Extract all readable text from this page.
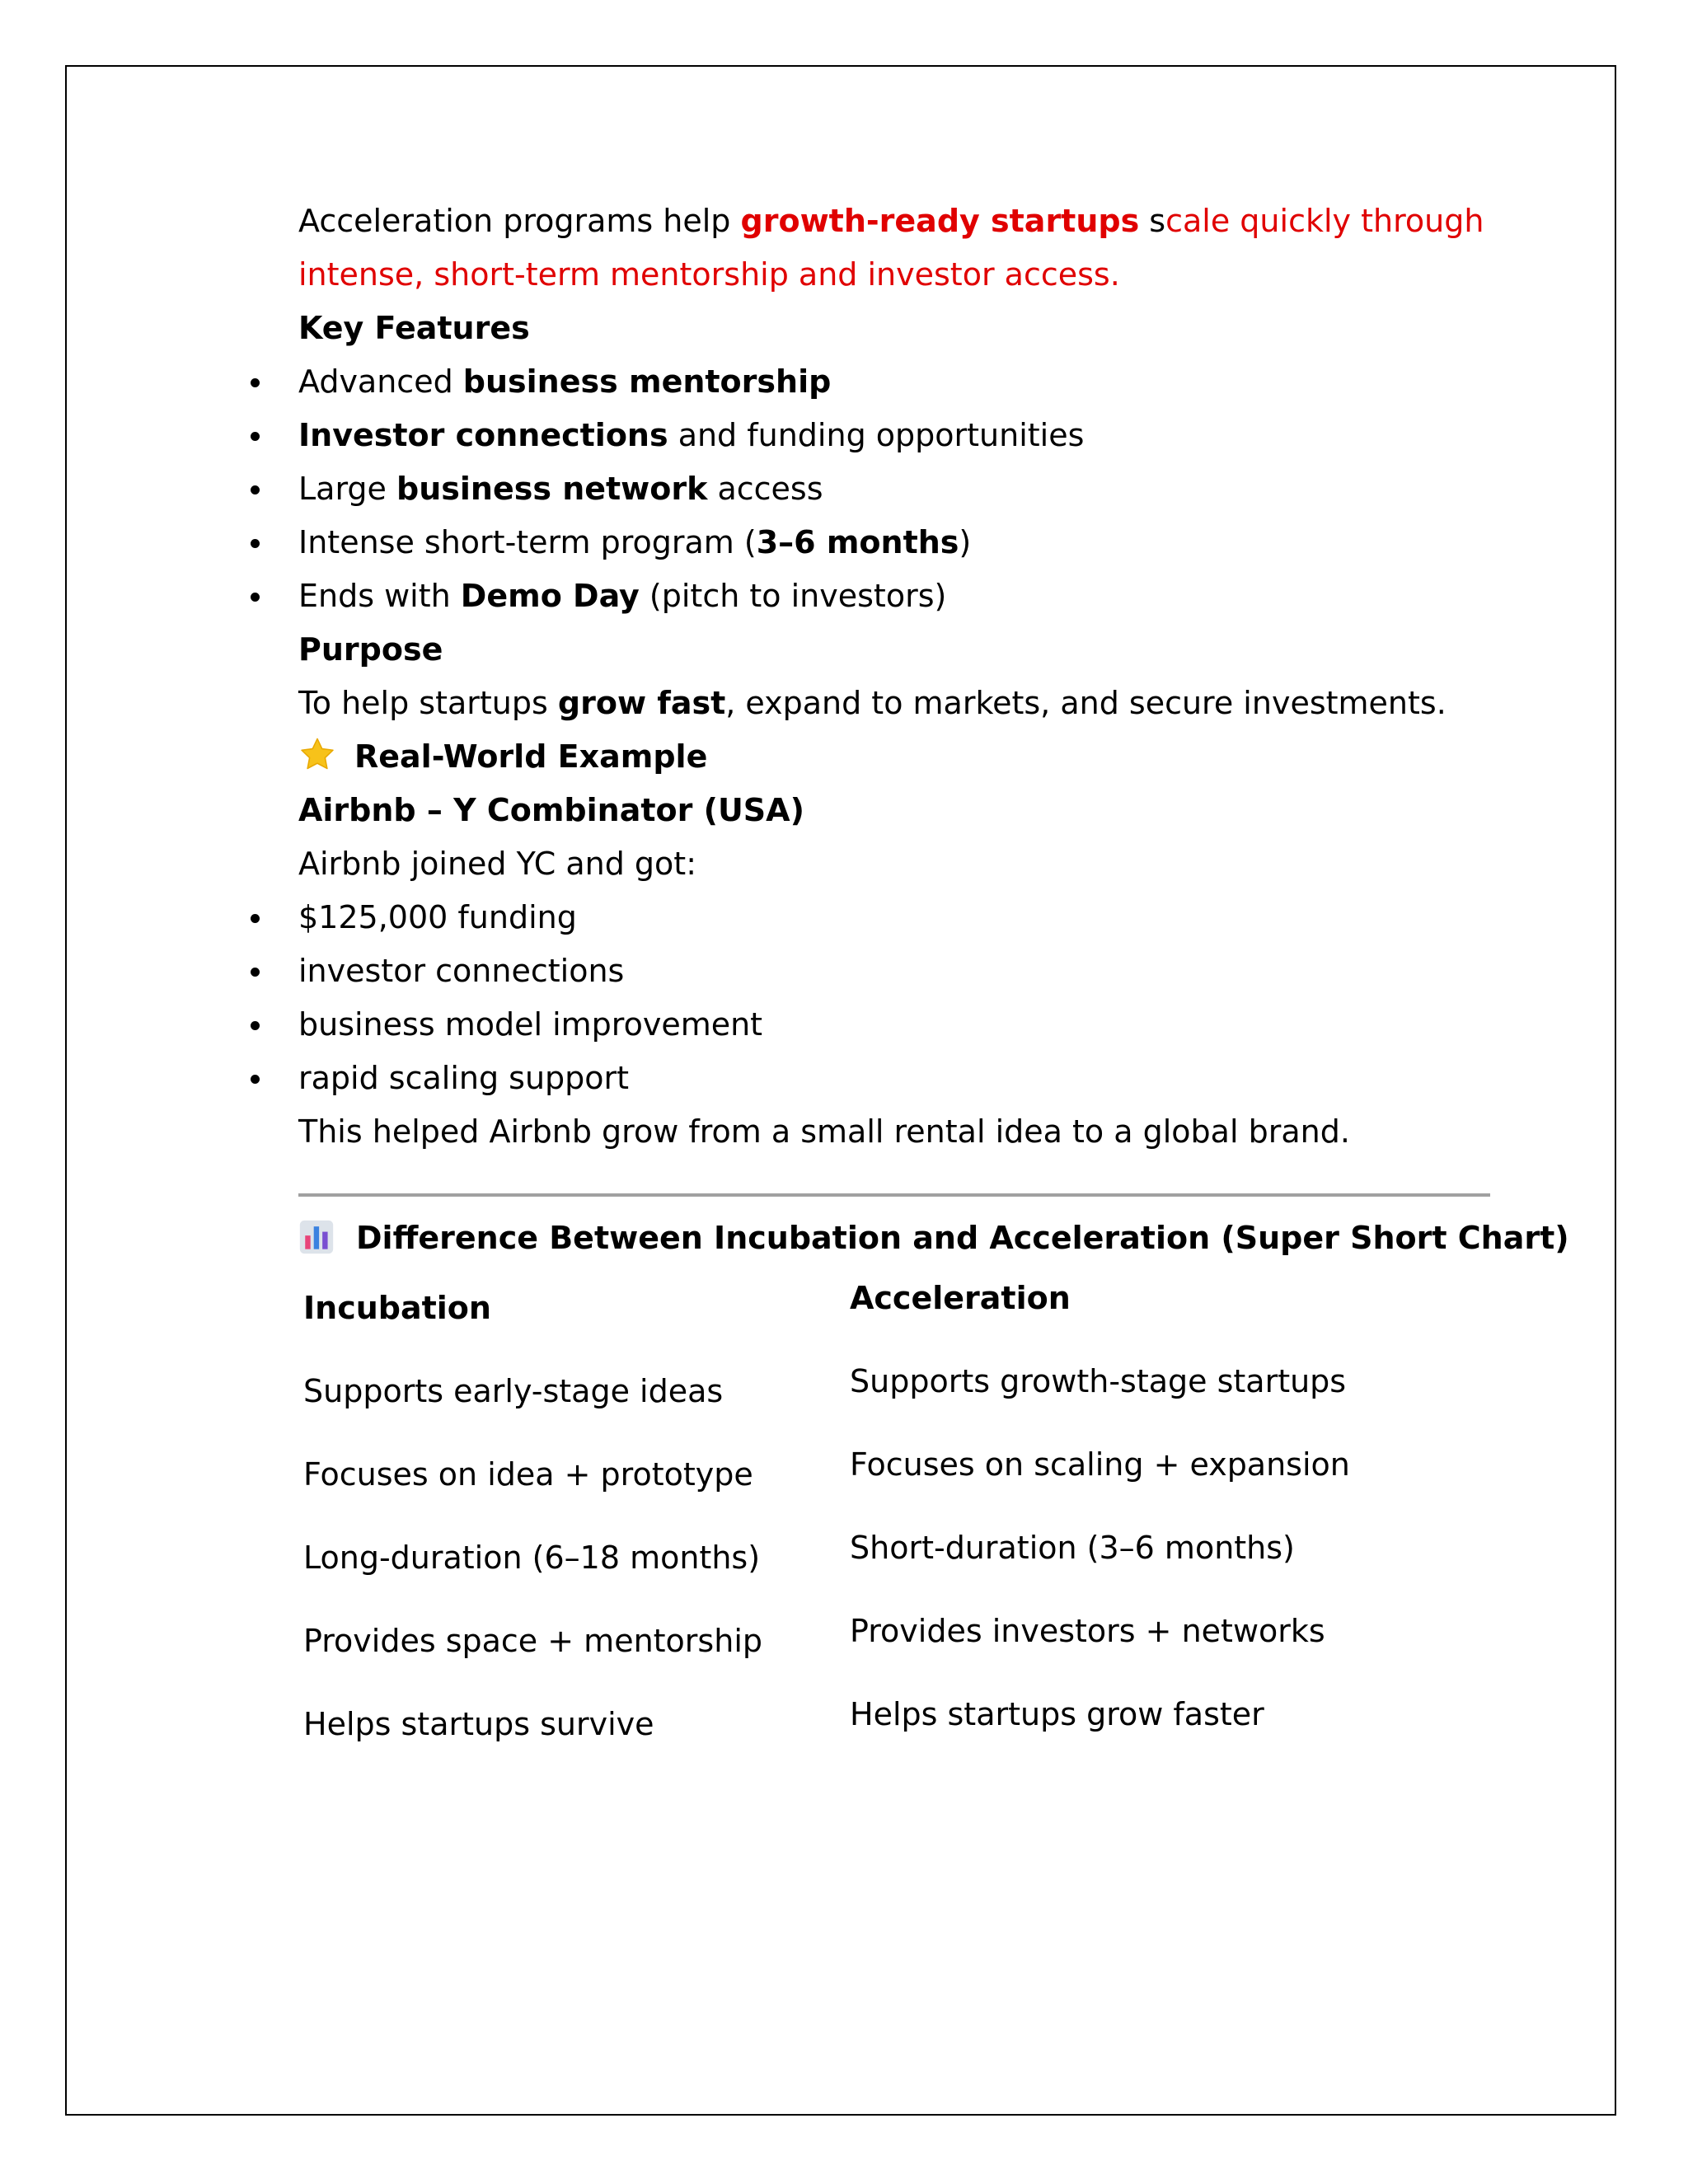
Acceleration programs help growth-ready startups scale quickly through
intense, short-term mentorship and investor access.
Key Features
Advanced business mentorship
Investor connections and funding opportunities
Large business network access
Intense short-term program (3–6 months)
Ends with Demo Day (pitch to investors)
Purpose
To help startups grow fast, expand to markets, and secure investments.
Real-World Example
Airbnb – Y Combinator (USA)
Airbnb joined YC and got:
$125,000 funding
investor connections
business model improvement
rapid scaling support
This helped Airbnb grow from a small rental idea to a global brand.
Difference Between Incubation and Acceleration (Super Short Chart)
Incubation
Supports early-stage ideas
Focuses on idea + prototype
Long-duration (6–18 months)
Provides space + mentorship
Helps startups survive
Acceleration
Supports growth-stage startups
Focuses on scaling + expansion
Short-duration (3–6 months)
Provides investors + networks
Helps startups grow faster
